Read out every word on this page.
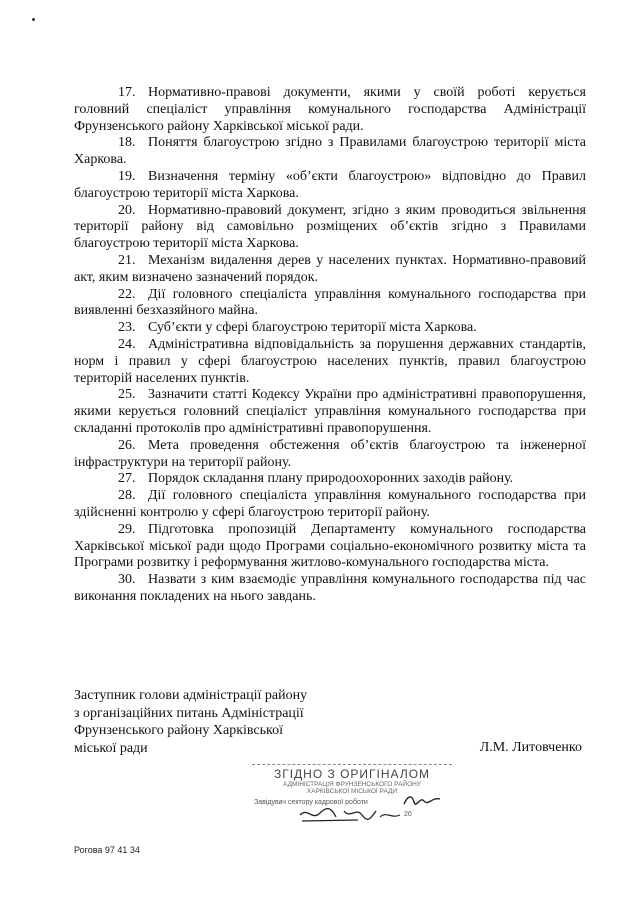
17. Нормативно-правові документи, якими у своїй роботі керується головний спеціаліст управління комунального господарства Адміністрації Фрунзенського району Харківської міської ради.

18. Поняття благоустрою згідно з Правилами благоустрою території міста Харкова.

19. Визначення терміну «об’єкти благоустрою» відповідно до Правил благоустрою території міста Харкова.

20. Нормативно-правовий документ, згідно з яким проводиться звільнення території району від самовільно розміщених об’єктів згідно з Правилами благоустрою території міста Харкова.

21. Механізм видалення дерев у населених пунктах. Нормативно-правовий акт, яким визначено зазначений порядок.

22. Дії головного спеціаліста управління комунального господарства при виявленні безхазяйного майна.

23. Суб’єкти у сфері благоустрою території міста Харкова.

24. Адміністративна відповідальність за порушення державних стандартів, норм і правил у сфері благоустрою населених пунктів, правил благоустрою територій населених пунктів.

25. Зазначити статті Кодексу України про адміністративні правопорушення, якими керується головний спеціаліст управління комунального господарства при складанні протоколів про адміністративні правопорушення.

26. Мета проведення обстеження об’єктів благоустрою та інженерної інфраструктури на території району.

27. Порядок складання плану природоохоронних заходів району.

28. Дії головного спеціаліста управління комунального господарства при здійсненні контролю у сфері благоустрою території району.

29. Підготовка пропозицій Департаменту комунального господарства Харківської міської ради щодо Програми соціально-економічного розвитку міста та Програми розвитку і реформування житлово-комунального господарства міста.

30. Назвати з ким взаємодіє управління комунального господарства під час виконання покладених на нього завдань.

Заступник голови адміністрації району
з організаційних питань Адміністрації
Фрунзенського району Харківської
міської ради	Л.М. Литовченко
ЗГІДНО З ОРИГІНАЛОМ
АДМІНІСТРАЦІЯ ФРУНЗЕНСЬКОГО РАЙОНУ
ХАРКІВСЬКОЇ МІСЬКОЇ РАДИ
Завідувач сектору кадрової роботи
20
Рогова 97 41 34
